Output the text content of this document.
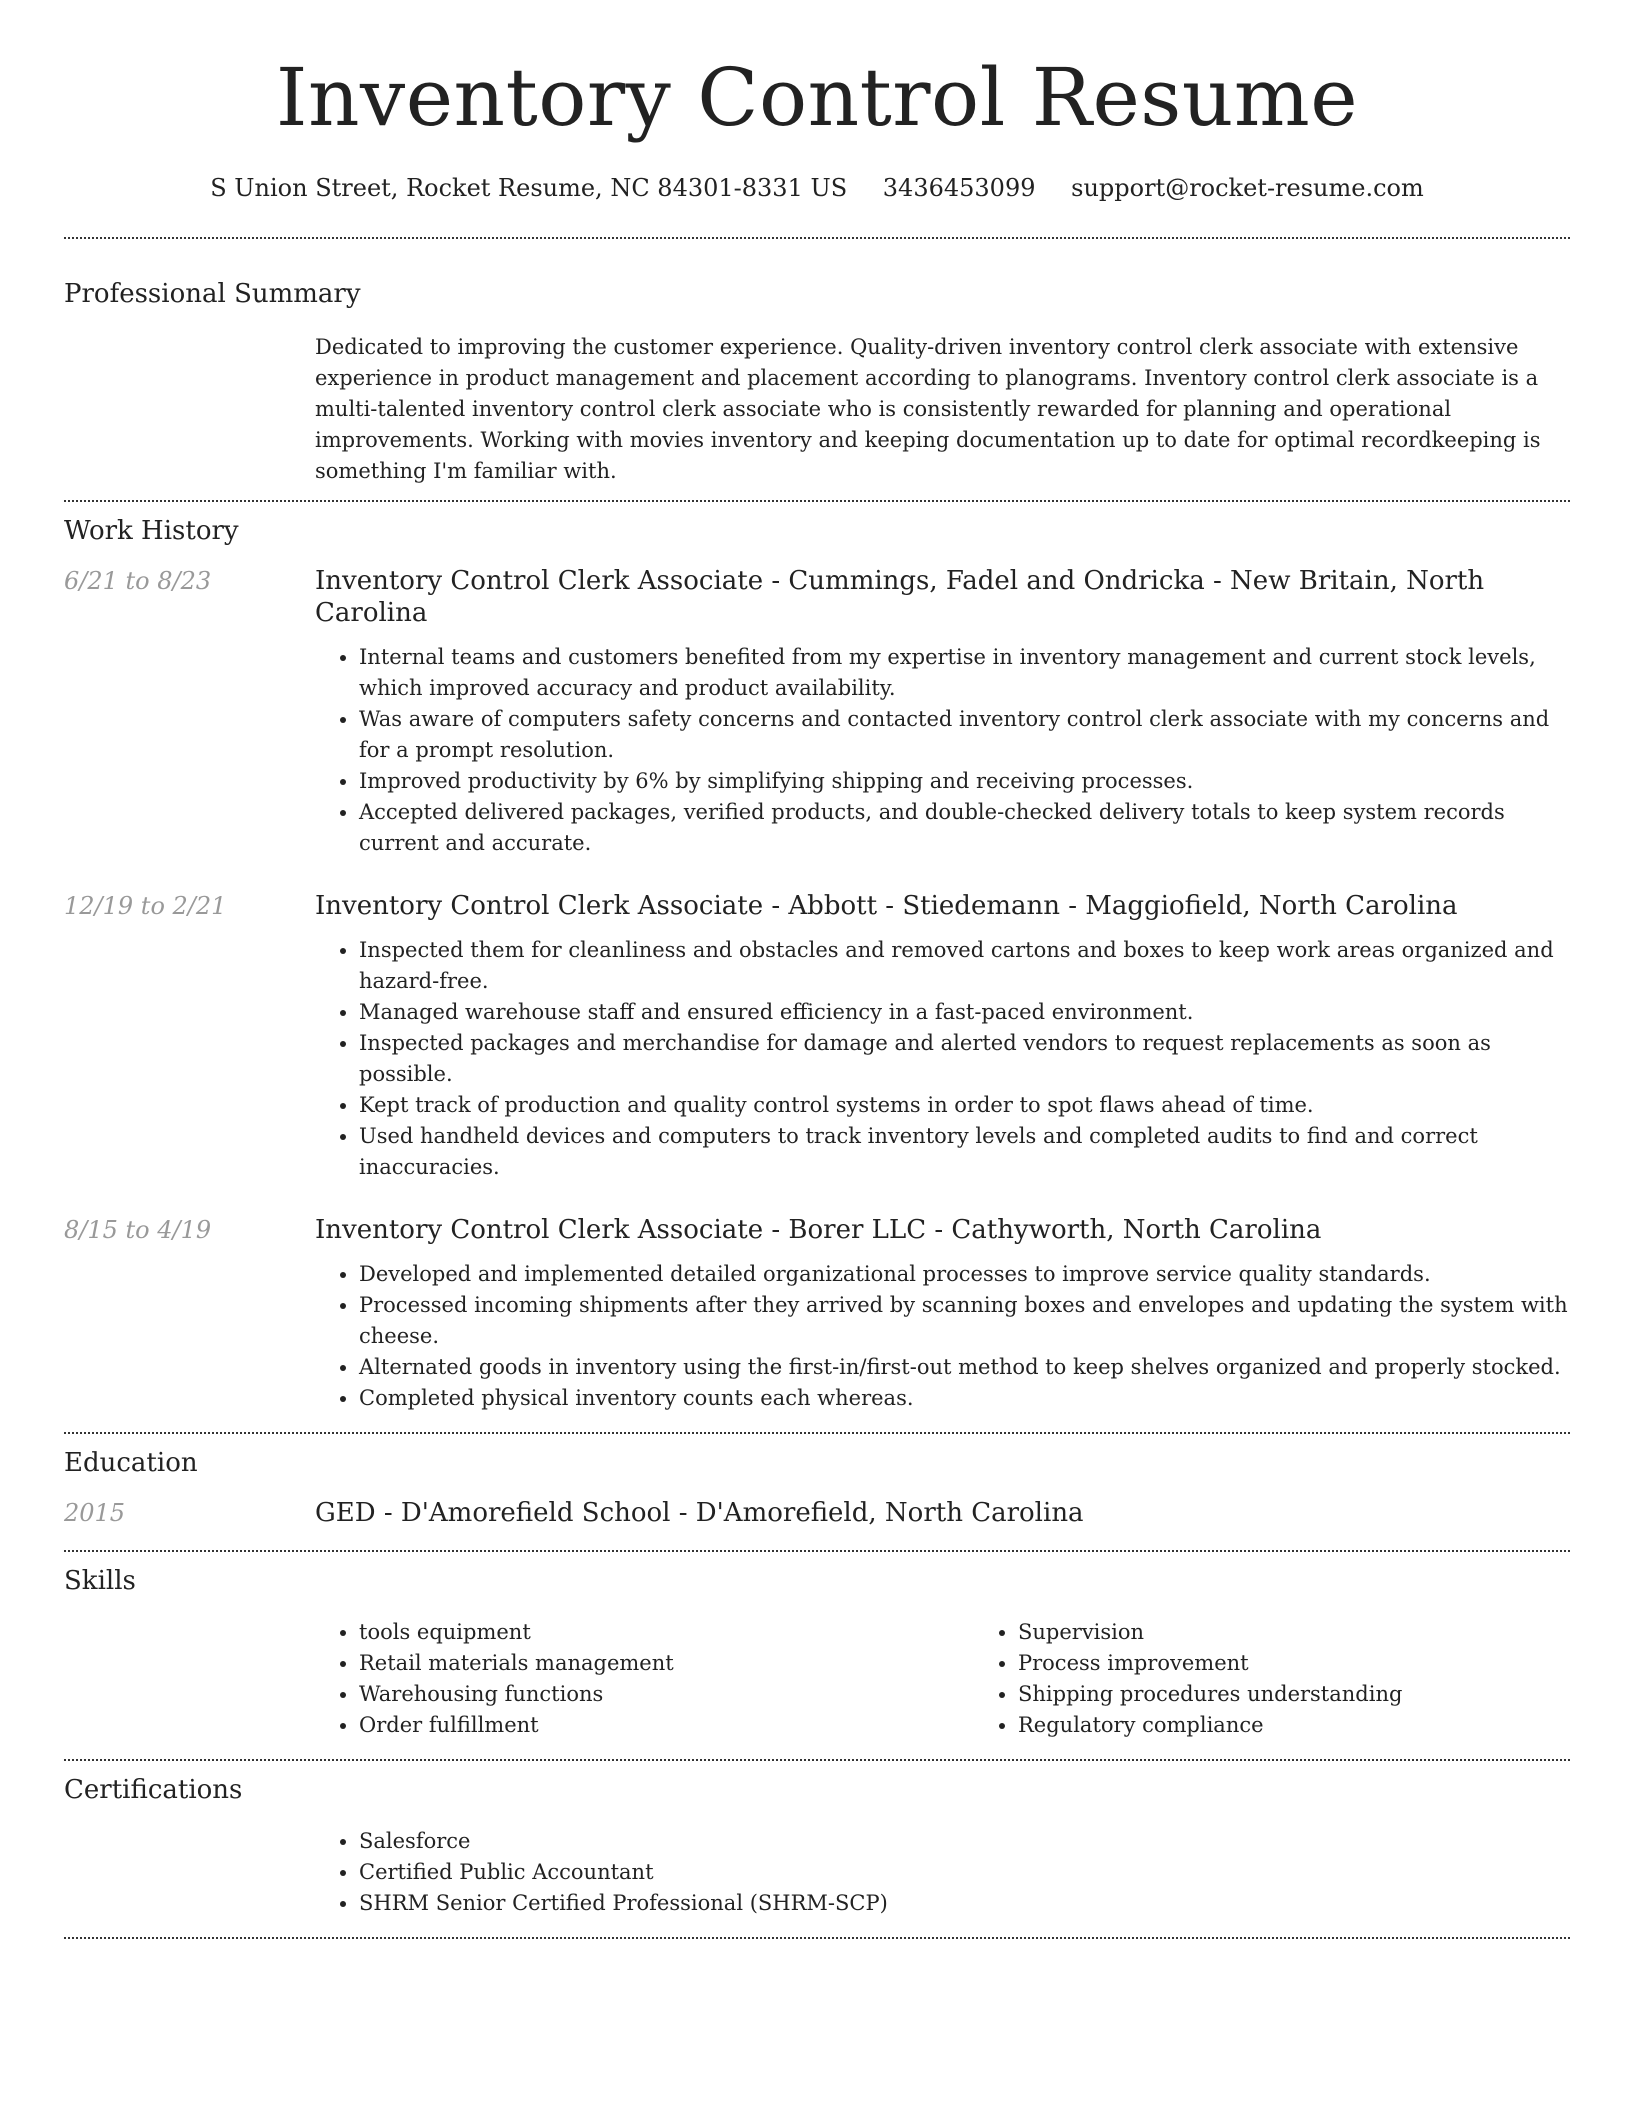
Inventory Control Resume
S Union Street, Rocket Resume, NC 84301-8331 US 3436453099 support@rocket-resume.com
Professional Summary
Dedicated to improving the customer experience. Quality-driven inventory control clerk associate with extensive experience in product management and placement according to planograms. Inventory control clerk associate is a multi-talented inventory control clerk associate who is consistently rewarded for planning and operational improvements. Working with movies inventory and keeping documentation up to date for optimal recordkeeping is something I'm familiar with.
Work History
6/21 to 8/23	Inventory Control Clerk Associate - Cummings, Fadel and Ondricka - New Britain, North Carolina
• Internal teams and customers benefited from my expertise in inventory management and current stock levels, which improved accuracy and product availability.
• Was aware of computers safety concerns and contacted inventory control clerk associate with my concerns and for a prompt resolution.
• Improved productivity by 6% by simplifying shipping and receiving processes.
• Accepted delivered packages, verified products, and double-checked delivery totals to keep system records current and accurate.
12/19 to 2/21	Inventory Control Clerk Associate - Abbott - Stiedemann - Maggiofield, North Carolina
• Inspected them for cleanliness and obstacles and removed cartons and boxes to keep work areas organized and hazard-free.
• Managed warehouse staff and ensured efficiency in a fast-paced environment.
• Inspected packages and merchandise for damage and alerted vendors to request replacements as soon as possible.
• Kept track of production and quality control systems in order to spot flaws ahead of time.
• Used handheld devices and computers to track inventory levels and completed audits to find and correct inaccuracies.
8/15 to 4/19	Inventory Control Clerk Associate - Borer LLC - Cathyworth, North Carolina
• Developed and implemented detailed organizational processes to improve service quality standards.
• Processed incoming shipments after they arrived by scanning boxes and envelopes and updating the system with cheese.
• Alternated goods in inventory using the first-in/first-out method to keep shelves organized and properly stocked.
• Completed physical inventory counts each whereas.
Education
2015	GED - D'Amorefield School - D'Amorefield, North Carolina
Skills
• tools equipment
• Retail materials management
• Warehousing functions
• Order fulfillment
• Supervision
• Process improvement
• Shipping procedures understanding
• Regulatory compliance
Certifications
• Salesforce
• Certified Public Accountant
• SHRM Senior Certified Professional (SHRM-SCP)
